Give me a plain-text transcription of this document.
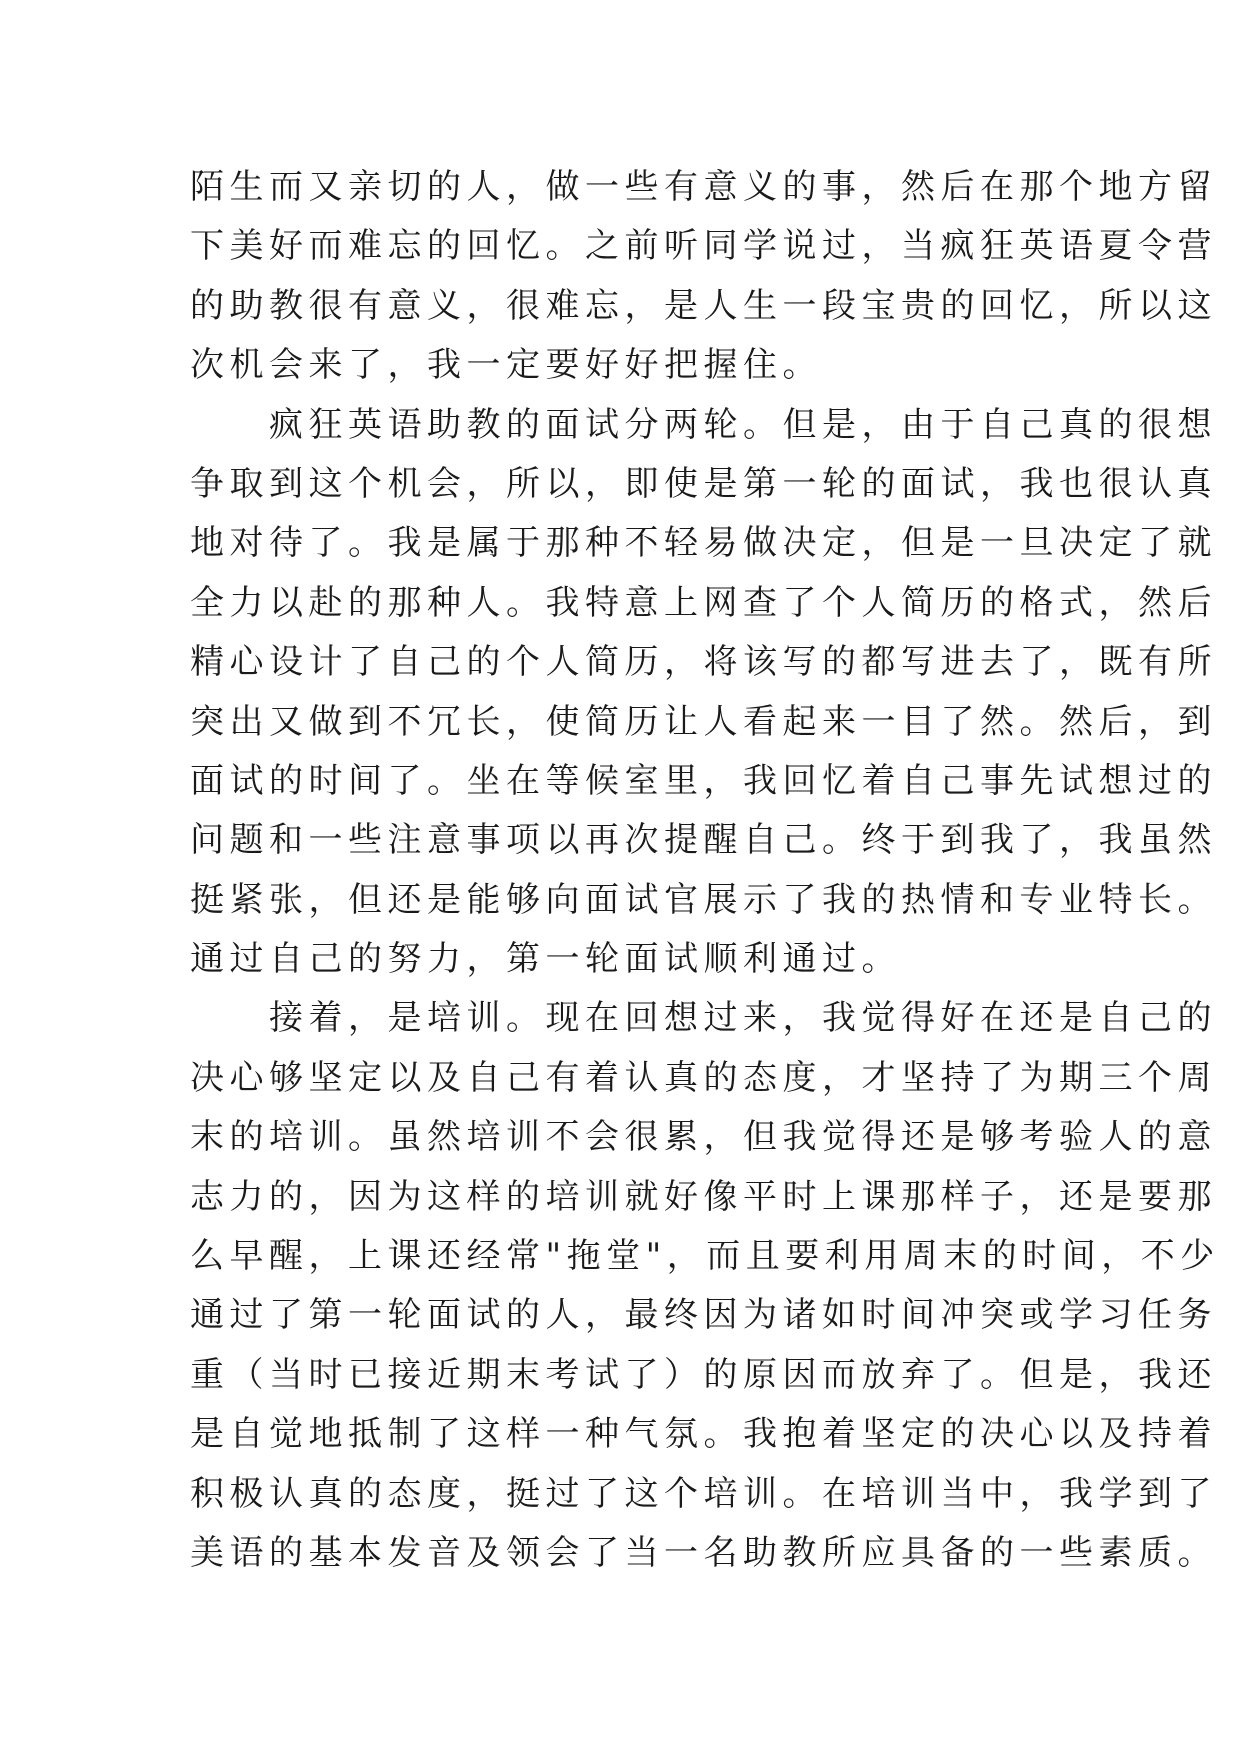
陌生而又亲切的人，做一些有意义的事，然后在那个地方留
下美好而难忘的回忆。之前听同学说过，当疯狂英语夏令营
的助教很有意义，很难忘，是人生一段宝贵的回忆，所以这
次机会来了，我一定要好好把握住。
　　疯狂英语助教的面试分两轮。但是，由于自己真的很想
争取到这个机会，所以，即使是第一轮的面试，我也很认真
地对待了。我是属于那种不轻易做决定，但是一旦决定了就
全力以赴的那种人。我特意上网查了个人简历的格式，然后
精心设计了自己的个人简历，将该写的都写进去了，既有所
突出又做到不冗长，使简历让人看起来一目了然。然后，到
面试的时间了。坐在等候室里，我回忆着自己事先试想过的
问题和一些注意事项以再次提醒自己。终于到我了，我虽然
挺紧张，但还是能够向面试官展示了我的热情和专业特长。
通过自己的努力，第一轮面试顺利通过。
　　接着，是培训。现在回想过来，我觉得好在还是自己的
决心够坚定以及自己有着认真的态度，才坚持了为期三个周
末的培训。虽然培训不会很累，但我觉得还是够考验人的意
志力的，因为这样的培训就好像平时上课那样子，还是要那
么早醒，上课还经常"拖堂"，而且要利用周末的时间，不少
通过了第一轮面试的人，最终因为诸如时间冲突或学习任务
重（当时已接近期末考试了）的原因而放弃了。但是，我还
是自觉地抵制了这样一种气氛。我抱着坚定的决心以及持着
积极认真的态度，挺过了这个培训。在培训当中，我学到了
美语的基本发音及领会了当一名助教所应具备的一些素质。
